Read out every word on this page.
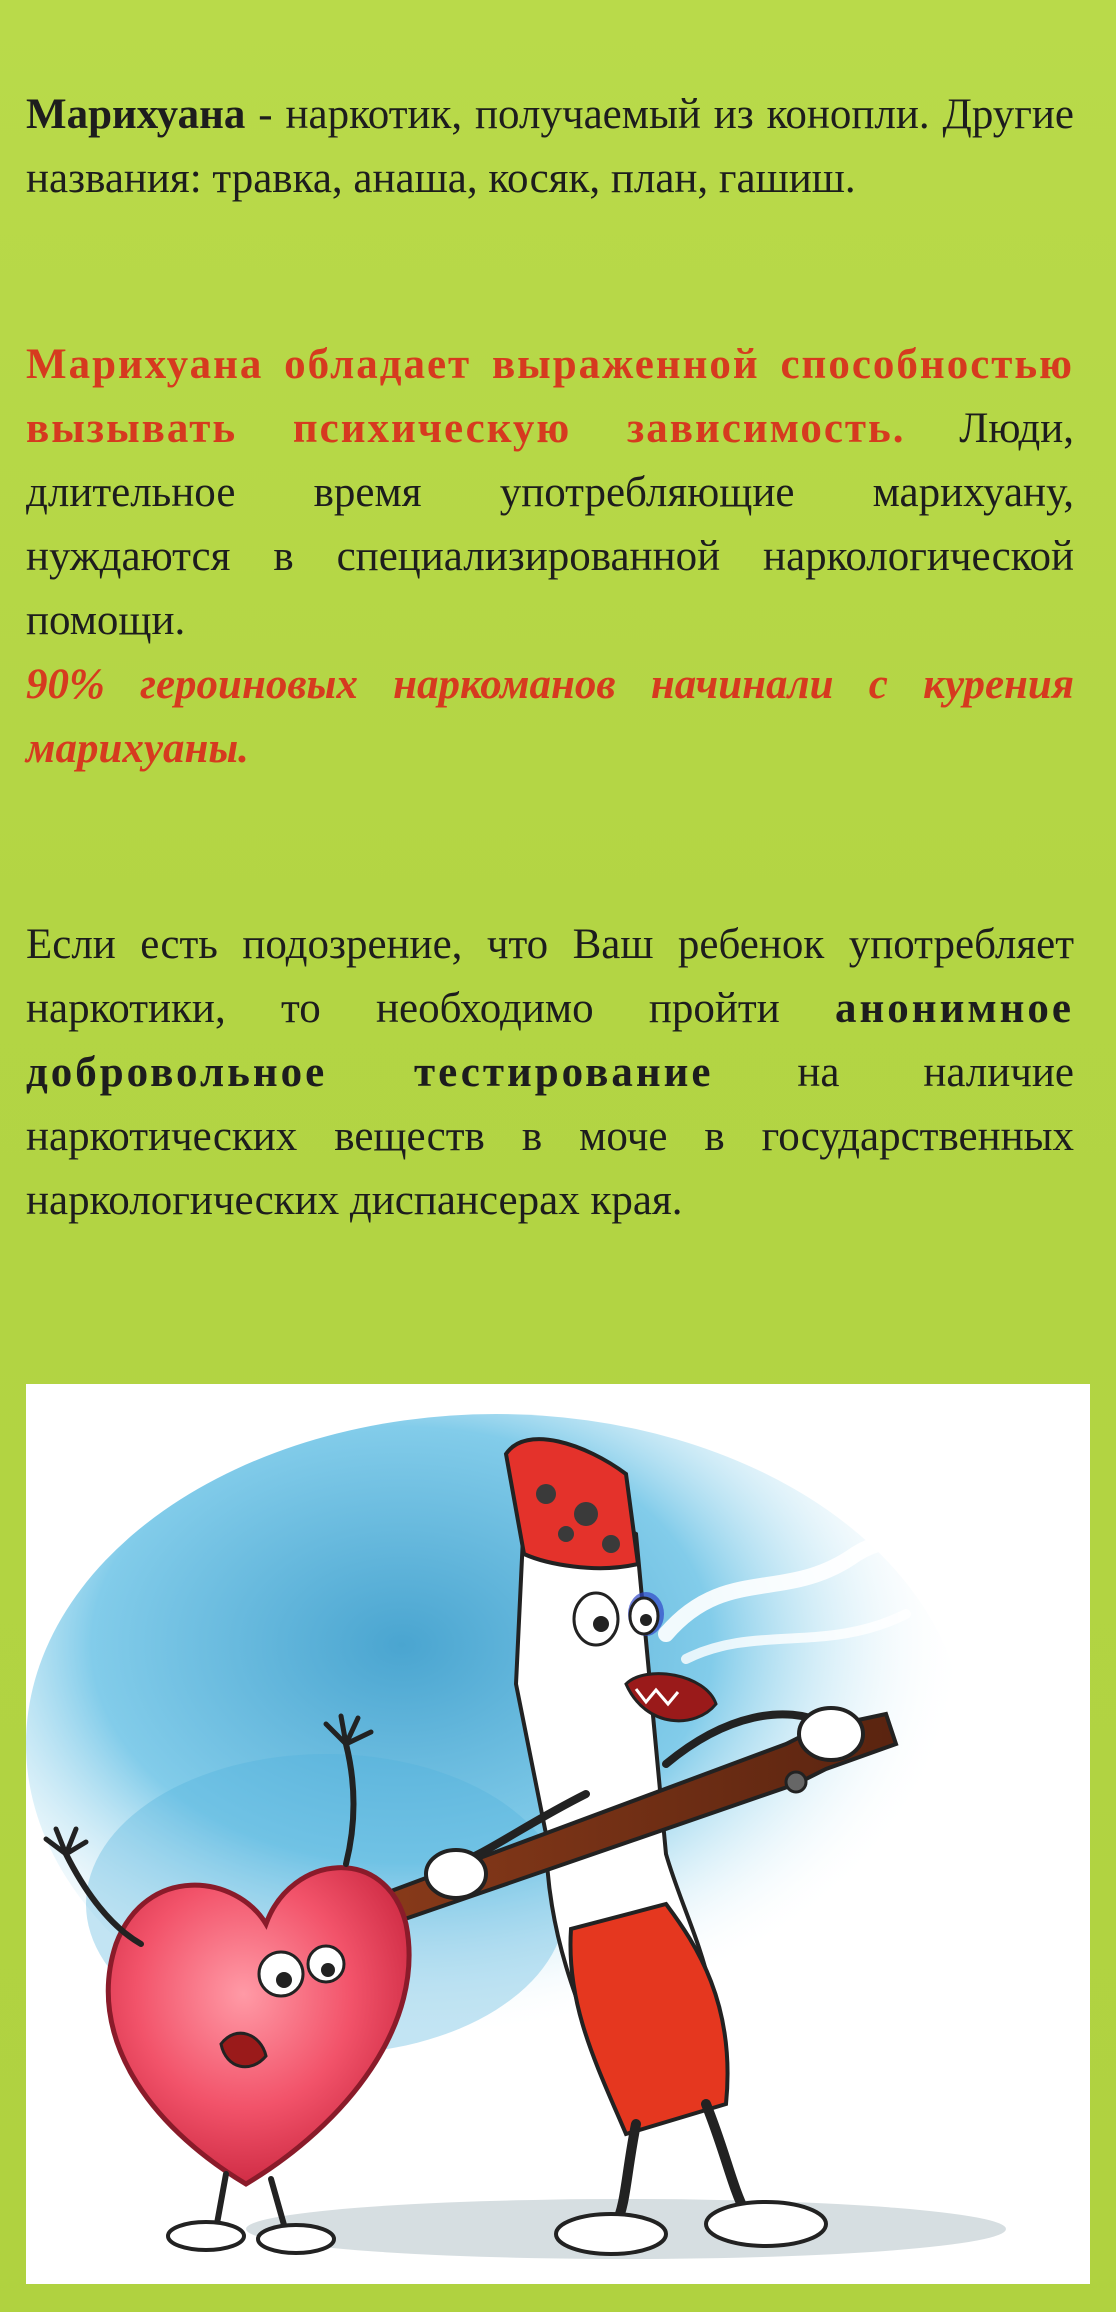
Марихуана - наркотик, получаемый из конопли. Другие названия: травка, анаша, косяк, план, гашиш.

Марихуана обладает выраженной способностью вызывать психическую зависимость. Люди, длительное время употребляющие марихуану, нуждаются в специализированной наркологической помощи.
90% героиновых наркоманов начинали с курения марихуаны.

Если есть подозрение, что Ваш ребенок употребляет наркотики, то необходимо пройти анонимное добровольное тестирование на наличие наркотических веществ в моче в государственных наркологических диспансерах края.
